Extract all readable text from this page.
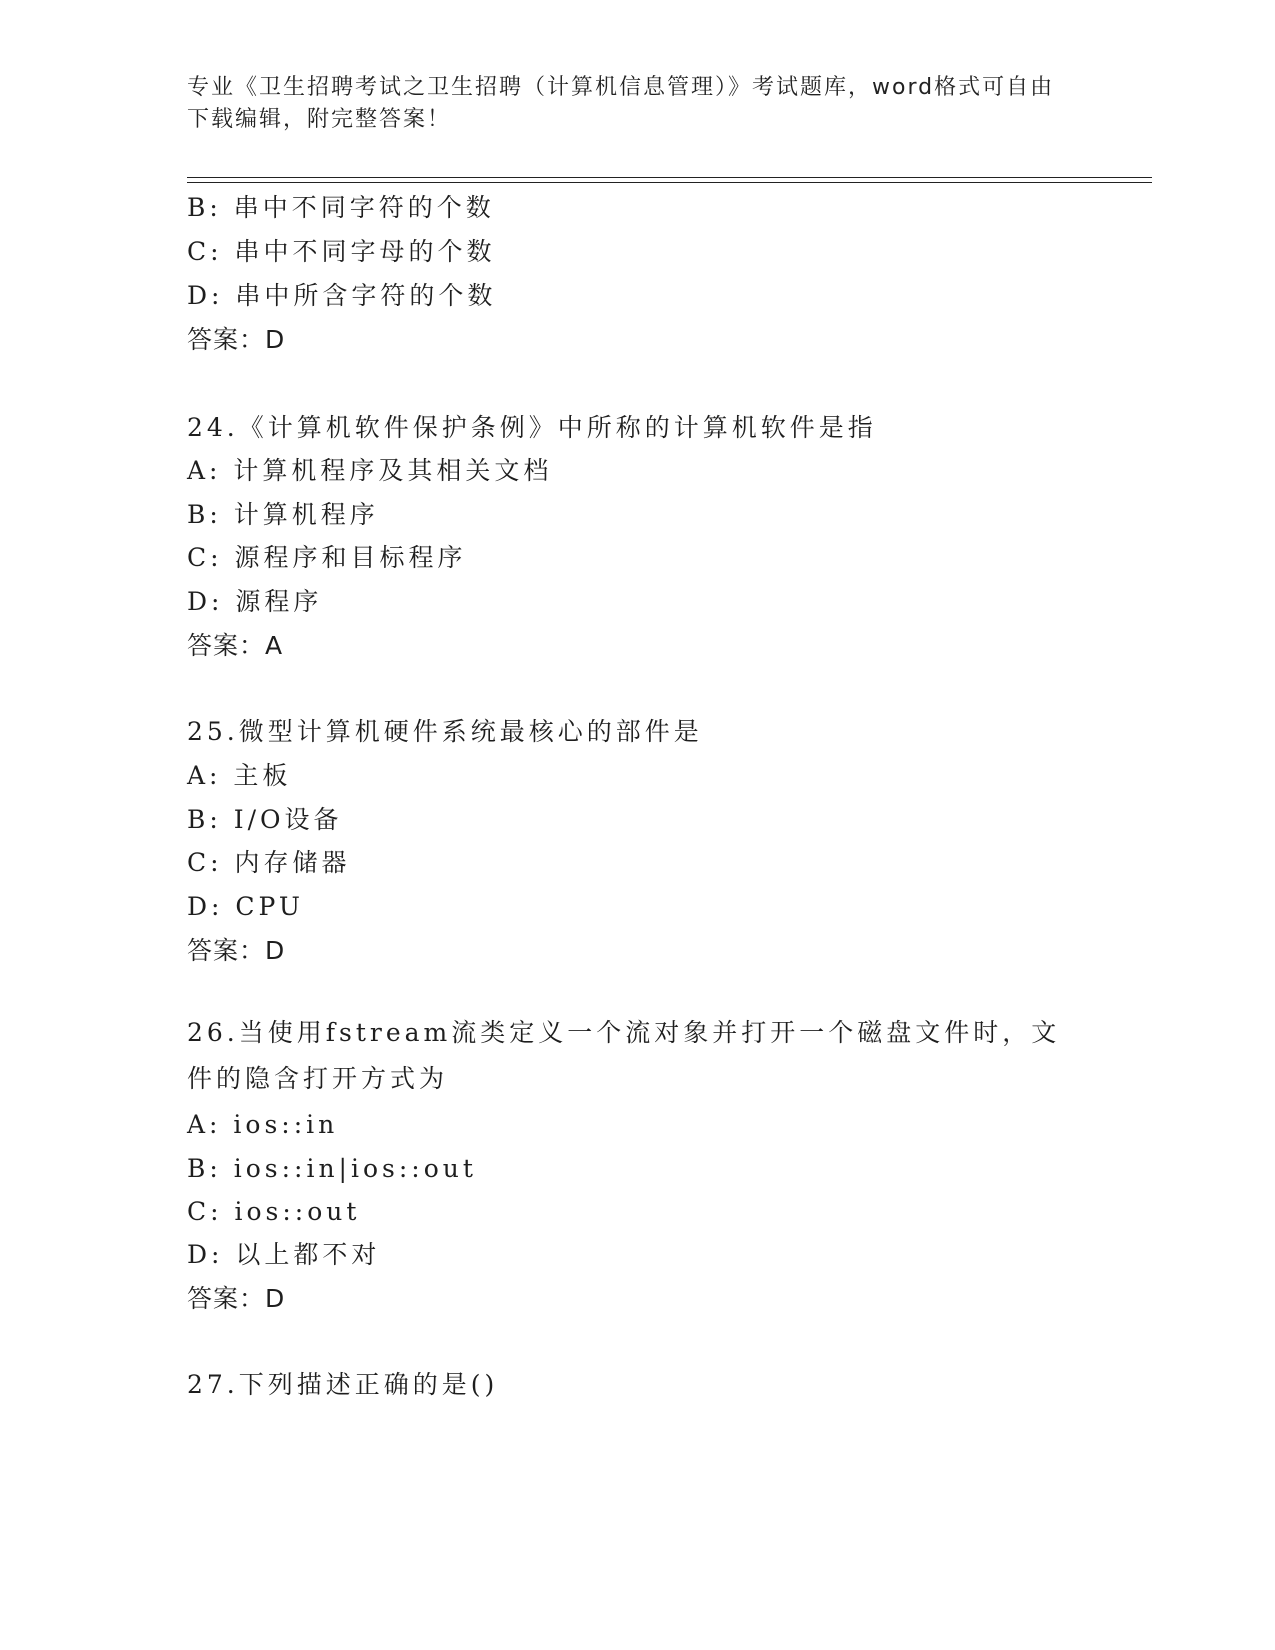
专业《卫生招聘考试之卫生招聘（计算机信息管理）》考试题库，word格式可自由下载编辑，附完整答案！
B: 串中不同字符的个数
C: 串中不同字母的个数
D: 串中所含字符的个数
答案：D
24.《计算机软件保护条例》中所称的计算机软件是指
A: 计算机程序及其相关文档
B: 计算机程序
C: 源程序和目标程序
D: 源程序
答案：A
25.微型计算机硬件系统最核心的部件是
A: 主板
B: I/O设备
C: 内存储器
D: CPU
答案：D
26.当使用fstream流类定义一个流对象并打开一个磁盘文件时，文件的隐含打开方式为
A: ios::in
B: ios::in|ios::out
C: ios::out
D: 以上都不对
答案：D
27.下列描述正确的是()
